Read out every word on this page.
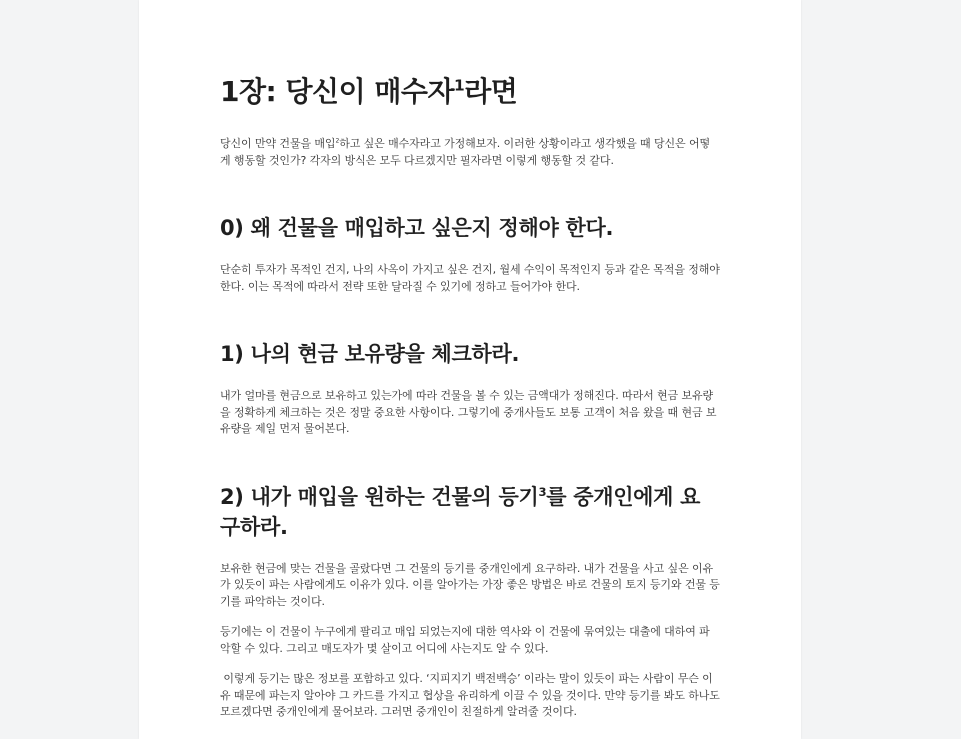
1장: 당신이 매수자$^1$라면

당신이 만약 건물을 매입$^2$하고 싶은 매수자라고 가정해보자. 이러한 상황이라고 생각했을 때 당신은 어떻게 행동할 것인가? 각자의 방식은 모두 다르겠지만 필자라면 이렇게 행동할 것 같다.

0) 왜 건물을 매입하고 싶은지 정해야 한다.

단순히 투자가 목적인 건지, 나의 사옥이 가지고 싶은 건지, 월세 수익이 목적인지 등과 같은 목적을 정해야 한다. 이는 목적에 따라서 전략 또한 달라질 수 있기에 정하고 들어가야 한다.

1) 나의 현금 보유량을 체크하라.

내가 얼마를 현금으로 보유하고 있는가에 따라 건물을 볼 수 있는 금액대가 정해진다. 따라서 현금 보유량을 정확하게 체크하는 것은 정말 중요한 사항이다. 그렇기에 중개사들도 보통 고객이 처음 왔을 때 현금 보유량을 제일 먼저 물어본다.

2) 내가 매입을 원하는 건물의 등기$^3$를 중개인에게 요구하라.

보유한 현금에 맞는 건물을 골랐다면 그 건물의 등기를 중개인에게 요구하라. 내가 건물을 사고 싶은 이유가 있듯이 파는 사람에게도 이유가 있다. 이를 알아가는 가장 좋은 방법은 바로 건물의 토지 등기와 건물 등기를 파악하는 것이다.

등기에는 이 건물이 누구에게 팔리고 매입 되었는지에 대한 역사와 이 건물에 묶여있는 대출에 대하여 파악할 수 있다. 그리고 매도자가 몇 살이고 어디에 사는지도 알 수 있다.

이렇게 등기는 많은 정보를 포함하고 있다. ‘지피지기 백전백승’ 이라는 말이 있듯이 파는 사람이 무슨 이유 때문에 파는지 알아야 그 카드를 가지고 협상을 유리하게 이끌 수 있을 것이다. 만약 등기를 봐도 하나도 모르겠다면 중개인에게 물어보라. 그러면 중개인이 친절하게 알려줄 것이다.
